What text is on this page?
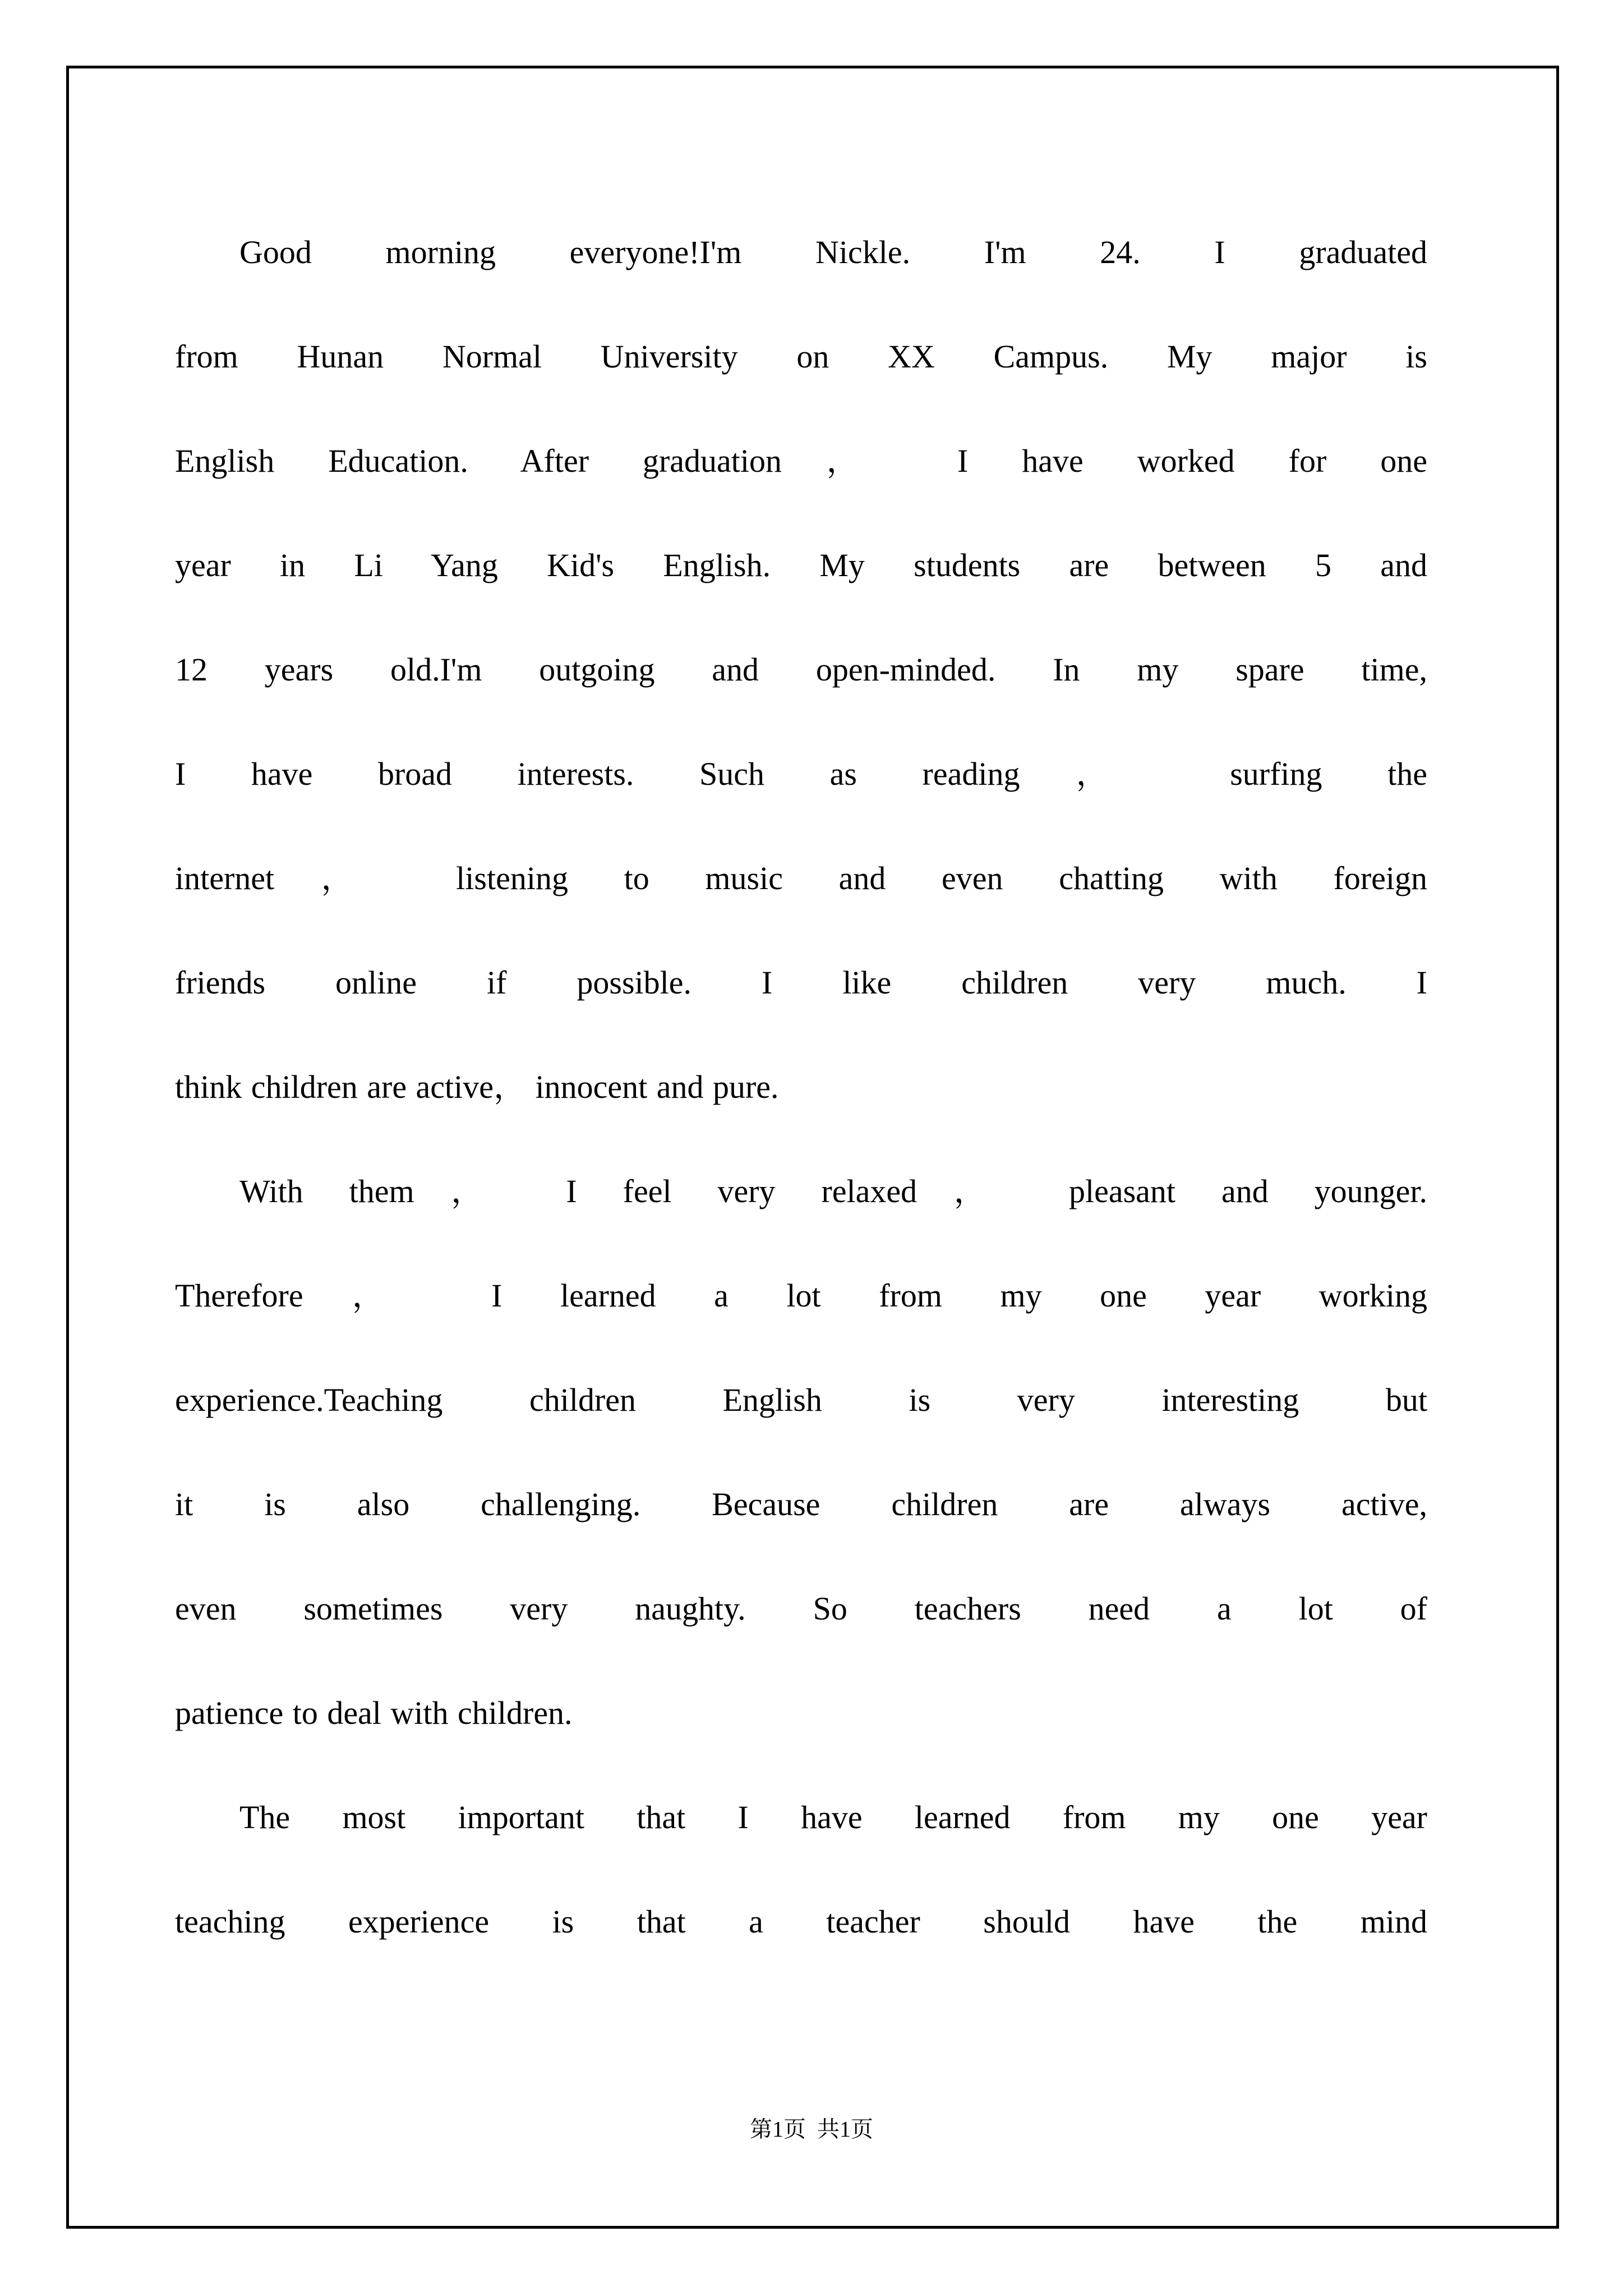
Good morning everyone!I'm Nickle. I'm 24. I graduated
from Hunan Normal University on XX Campus. My major is
English Education. After graduation， I have worked for one
year in Li Yang Kid's English. My students are between 5 and
12 years old.I'm outgoing and open-minded. In my spare time,
I have broad interests. Such as reading， surfing the
internet， listening to music and even chatting with foreign
friends online if possible. I like children very much. I
think children are active， innocent and pure.
With them， I feel very relaxed， pleasant and younger.
Therefore， I learned a lot from my one year working
experience.Teaching children English is very interesting but
it is also challenging. Because children are always active,
even sometimes very naughty. So teachers need a lot of
patience to deal with children.
The most important that I have learned from my one year
teaching experience is that a teacher should have the mind
第1页  共1页
